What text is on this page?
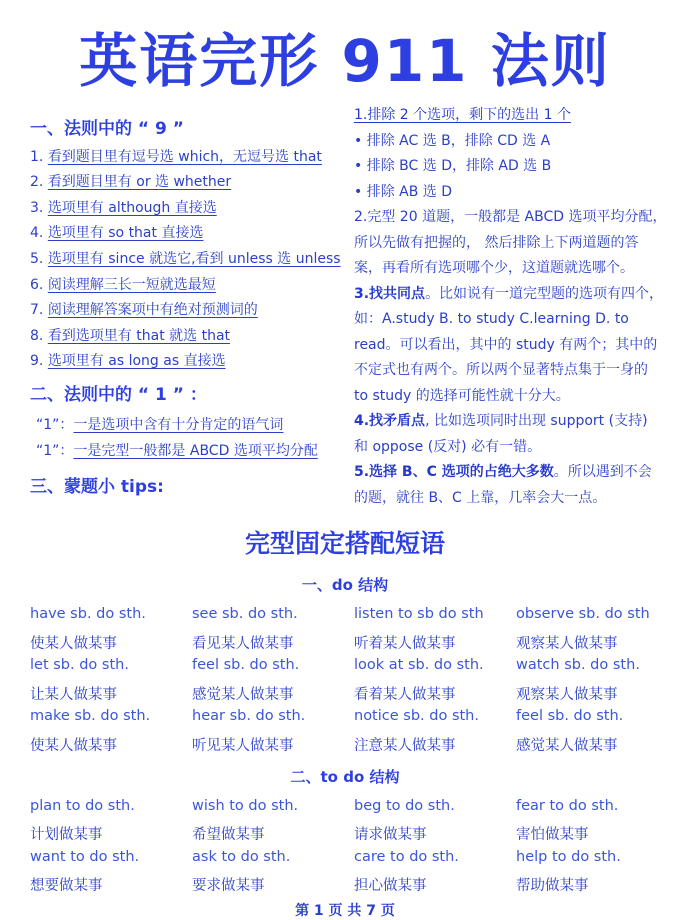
英语完形 911 法则
一、法则中的 “ 9 ”
1. 看到题目里有逗号选 which，无逗号选 that
2. 看到题目里有 or 选 whether
3. 选项里有 although 直接选
4. 选项里有 so that 直接选
5. 选项里有 since 就选它,看到 unless 选 unless
6. 阅读理解三长一短就选最短
7. 阅读理解答案项中有绝对预测词的
8. 看到选项里有 that 就选 that
9. 选项里有 as long as 直接选
二、法则中的 “ 1 ” ：
“1”：一是选项中含有十分肯定的语气词
“1”：一是完型一般都是 ABCD 选项平均分配
三、蒙题小 tips:
1.排除 2 个选项，剩下的选出 1 个
• 排除 AC 选 B，排除 CD 选 A
• 排除 BC 选 D，排除 AD 选 B
• 排除 AB 选 D
2.完型 20 道题，一般都是 ABCD 选项平均分配，
所以先做有把握的， 然后排除上下两道题的答
案，再看所有选项哪个少，这道题就选哪个。
3.找共同点。比如说有一道完型题的选项有四个，
如：A.study B. to study C.learning D. to
read。可以看出，其中的 study 有两个；其中的
不定式也有两个。所以两个显著特点集于一身的
to study 的选择可能性就十分大。
4.找矛盾点, 比如选项同时出现 support (支持)
和 oppose (反对) 必有一错。
5.选择 B、C 选项的占绝大多数。所以遇到不会
的题，就往 B、C 上靠，几率会大一点。
完型固定搭配短语
一、do 结构
have sb. do sth.	see sb. do sth.	listen to sb do sth observe sb. do sth
使某人做某事	看见某人做某事	听着某人做某事	观察某人做某事
let sb. do sth.	feel sb. do sth.	look at sb. do sth. watch sb. do sth.
让某人做某事	感觉某人做某事	看着某人做某事	观察某人做某事
make sb. do sth.	hear sb. do sth.	notice sb. do sth.	feel sb. do sth.
使某人做某事	听见某人做某事	注意某人做某事	感觉某人做某事
二、to do 结构
plan to do sth.	wish to do sth.	beg to do sth.	fear to do sth.
计划做某事	希望做某事	请求做某事	害怕做某事
want to do sth.	ask to do sth.	care to do sth.	help to do sth.
想要做某事	要求做某事	担心做某事	帮助做某事
第 1 页 共 7 页
